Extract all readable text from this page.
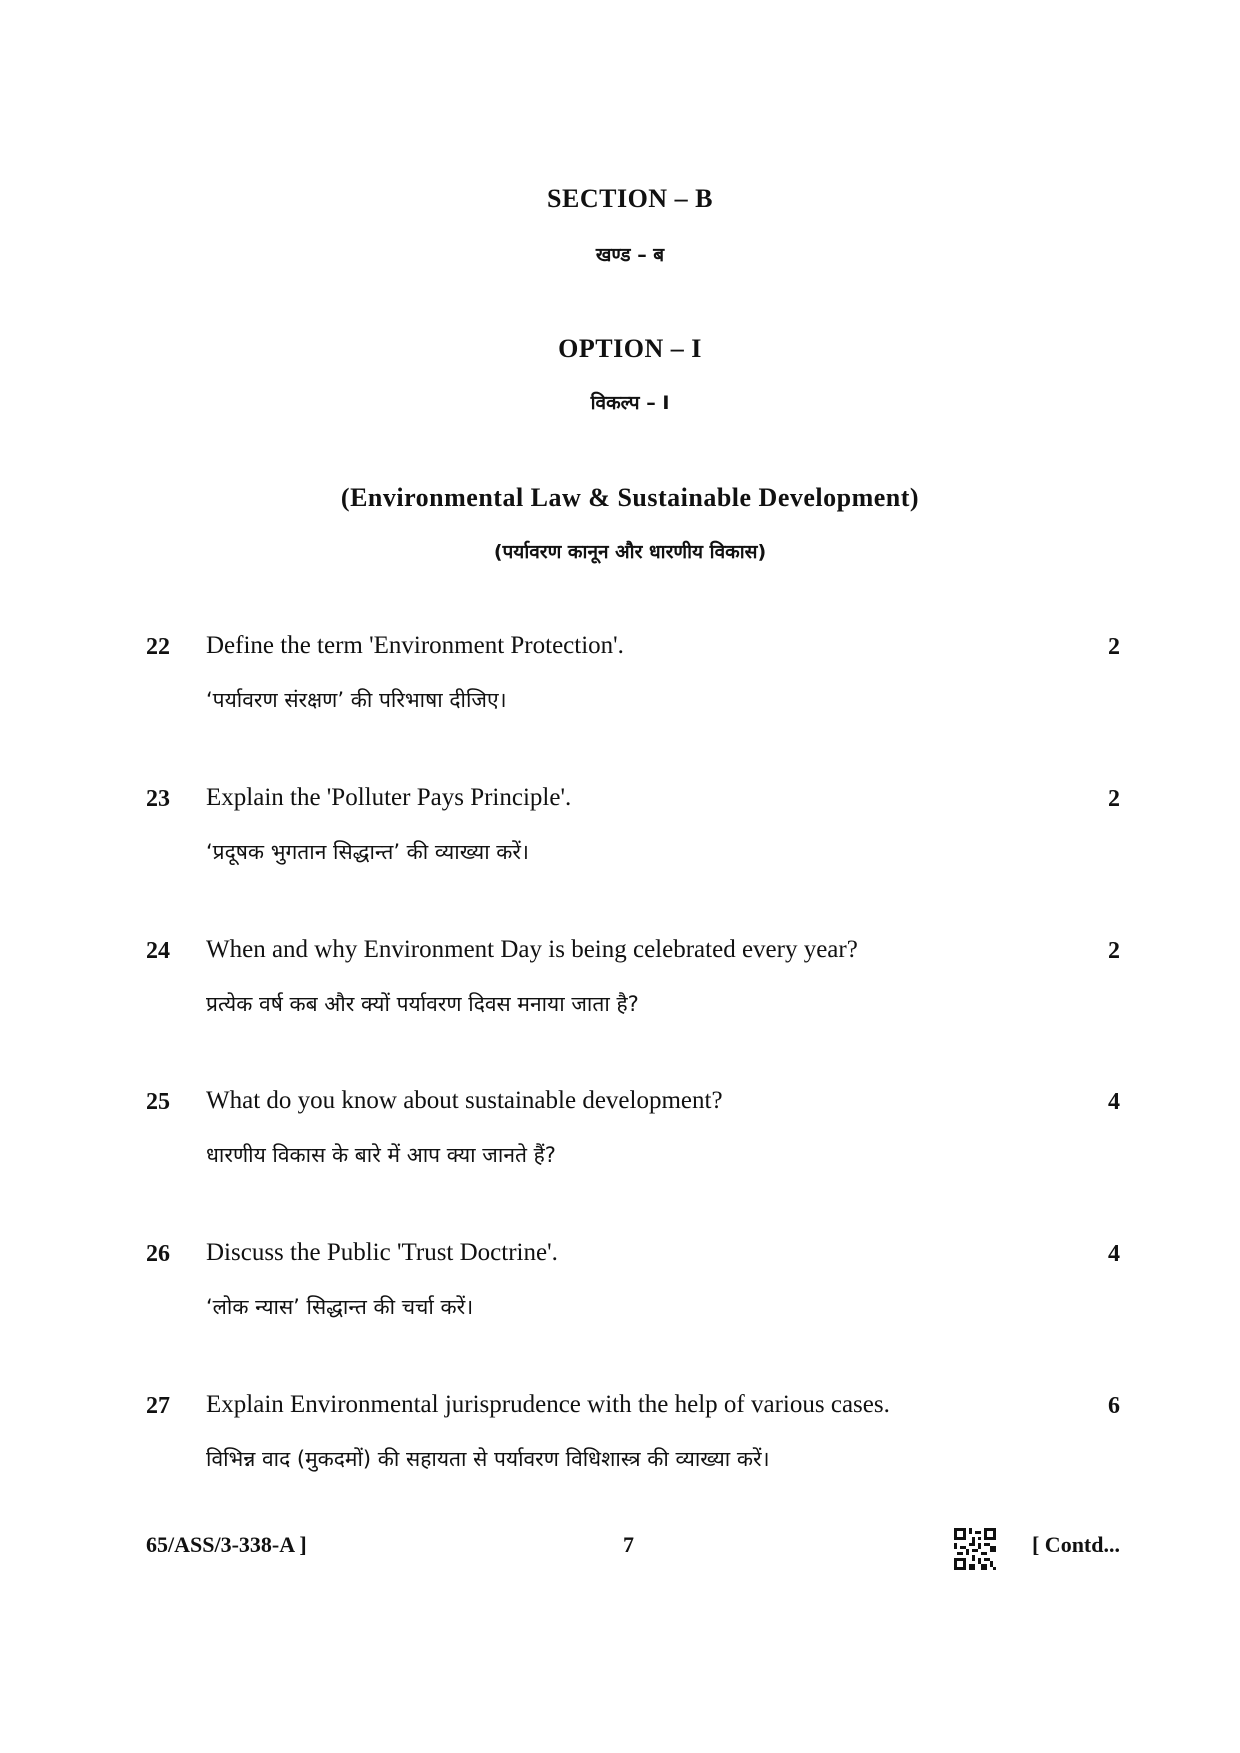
SECTION – B
खण्ड – ब
OPTION – I
विकल्प – I
(Environmental Law & Sustainable Development)
(पर्यावरण कानून और धारणीय विकास)
22 Define the term 'Environment Protection'.	2
‘पर्यावरण संरक्षण’ की परिभाषा दीजिए।
23 Explain the 'Polluter Pays Principle'.	2
‘प्रदूषक भुगतान सिद्धान्त’ की व्याख्या करें।
24 When and why Environment Day is being celebrated every year?	2
प्रत्येक वर्ष कब और क्यों पर्यावरण दिवस मनाया जाता है?
25 What do you know about sustainable development?	4
धारणीय विकास के बारे में आप क्या जानते हैं?
26 Discuss the Public 'Trust Doctrine'.	4
‘लोक न्यास’ सिद्धान्त की चर्चा करें।
27 Explain Environmental jurisprudence with the help of various cases.	6
विभिन्न वाद (मुकदमों) की सहायता से पर्यावरण विधिशास्त्र की व्याख्या करें।
65/ASS/3-338-A ]	7	[ Contd...
